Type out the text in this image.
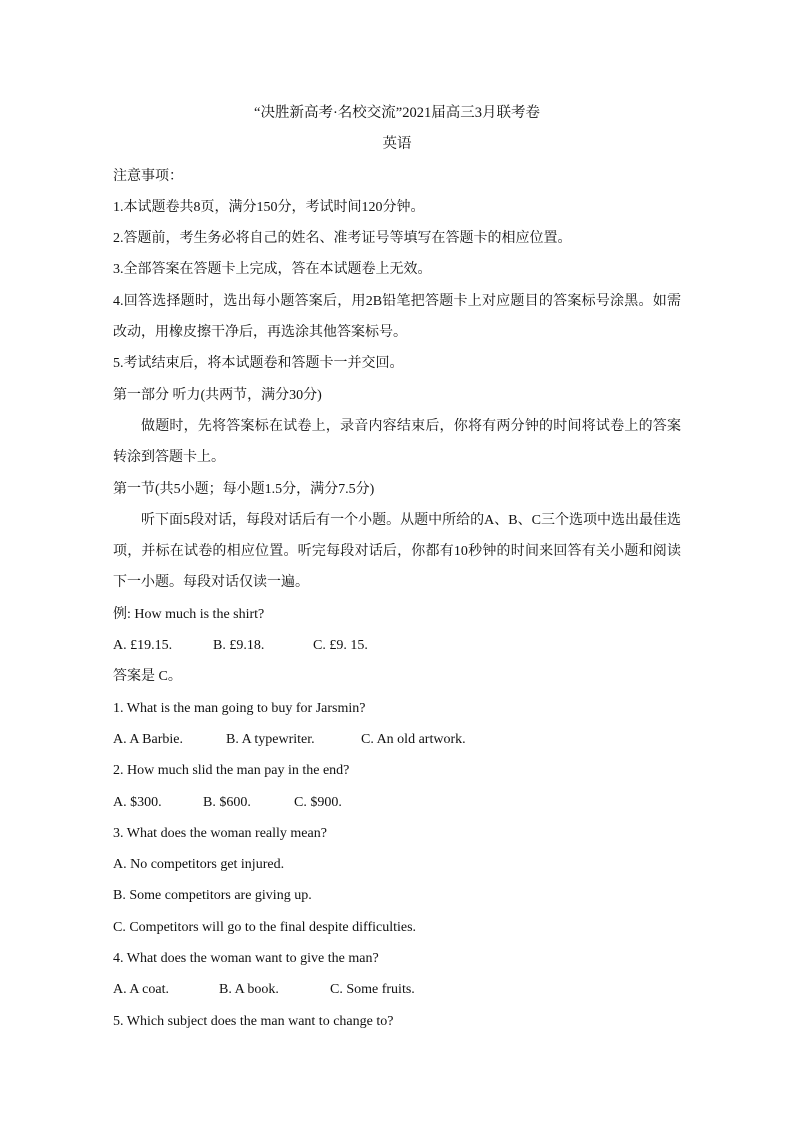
“决胜新高考·名校交流”2021届高三3月联考卷
英语
注意事项：
1.本试题卷共8页，满分150分，考试时间120分钟。
2.答题前，考生务必将自己的姓名、准考证号等填写在答题卡的相应位置。
3.全部答案在答题卡上完成，答在本试题卷上无效。
4.回答选择题时，选出每小题答案后，用2B铅笔把答题卡上对应题目的答案标号涂黑。如需改动，用橡皮擦干净后，再选涂其他答案标号。
5.考试结束后，将本试题卷和答题卡一并交回。
第一部分 听力(共两节，满分30分)
做题时，先将答案标在试卷上，录音内容结束后，你将有两分钟的时间将试卷上的答案转涂到答题卡上。
第一节(共5小题；每小题1.5分，满分7.5分)
听下面5段对话，每段对话后有一个小题。从题中所给的A、B、C三个选项中选出最佳选项，并标在试卷的相应位置。听完每段对话后，你都有10秒钟的时间来回答有关小题和阅读下一小题。每段对话仅读一遍。
例: How much is the shirt?
A. £19.15.	B. £9.18.	C. £9. 15.
答案是 C。
1. What is the man going to buy for Jarsmin?
A. A Barbie.	B. A typewriter.	C. An old artwork.
2. How much slid the man pay in the end?
A. $300.	B. $600.	C. $900.
3. What does the woman really mean?
A. No competitors get injured.
B. Some competitors are giving up.
C. Competitors will go to the final despite difficulties.
4. What does the woman want to give the man?
A. A coat.	B. A book.	C. Some fruits.
5. Which subject does the man want to change to?
